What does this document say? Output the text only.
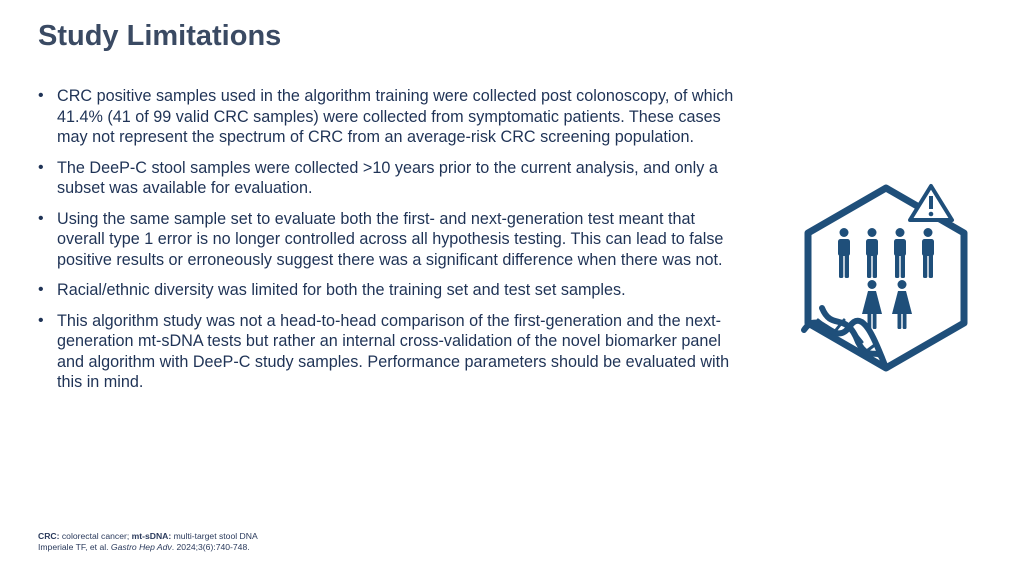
Study Limitations
• CRC positive samples used in the algorithm training were collected post colonoscopy, of which 41.4% (41 of 99 valid CRC samples) were collected from symptomatic patients. These cases may not represent the spectrum of CRC from an average-risk CRC screening population.
• The DeeP-C stool samples were collected >10 years prior to the current analysis, and only a subset was available for evaluation.
• Using the same sample set to evaluate both the first- and next-generation test meant that overall type 1 error is no longer controlled across all hypothesis testing. This can lead to false positive results or erroneously suggest there was a significant difference when there was not.
• Racial/ethnic diversity was limited for both the training set and test set samples.
• This algorithm study was not a head-to-head comparison of the first-generation and the next-generation mt-sDNA tests but rather an internal cross-validation of the novel biomarker panel and algorithm with DeeP-C study samples. Performance parameters should be evaluated with this in mind.
CRC: colorectal cancer; mt-sDNA: multi-target stool DNA
Imperiale TF, et al. Gastro Hep Adv. 2024;3(6):740-748.
